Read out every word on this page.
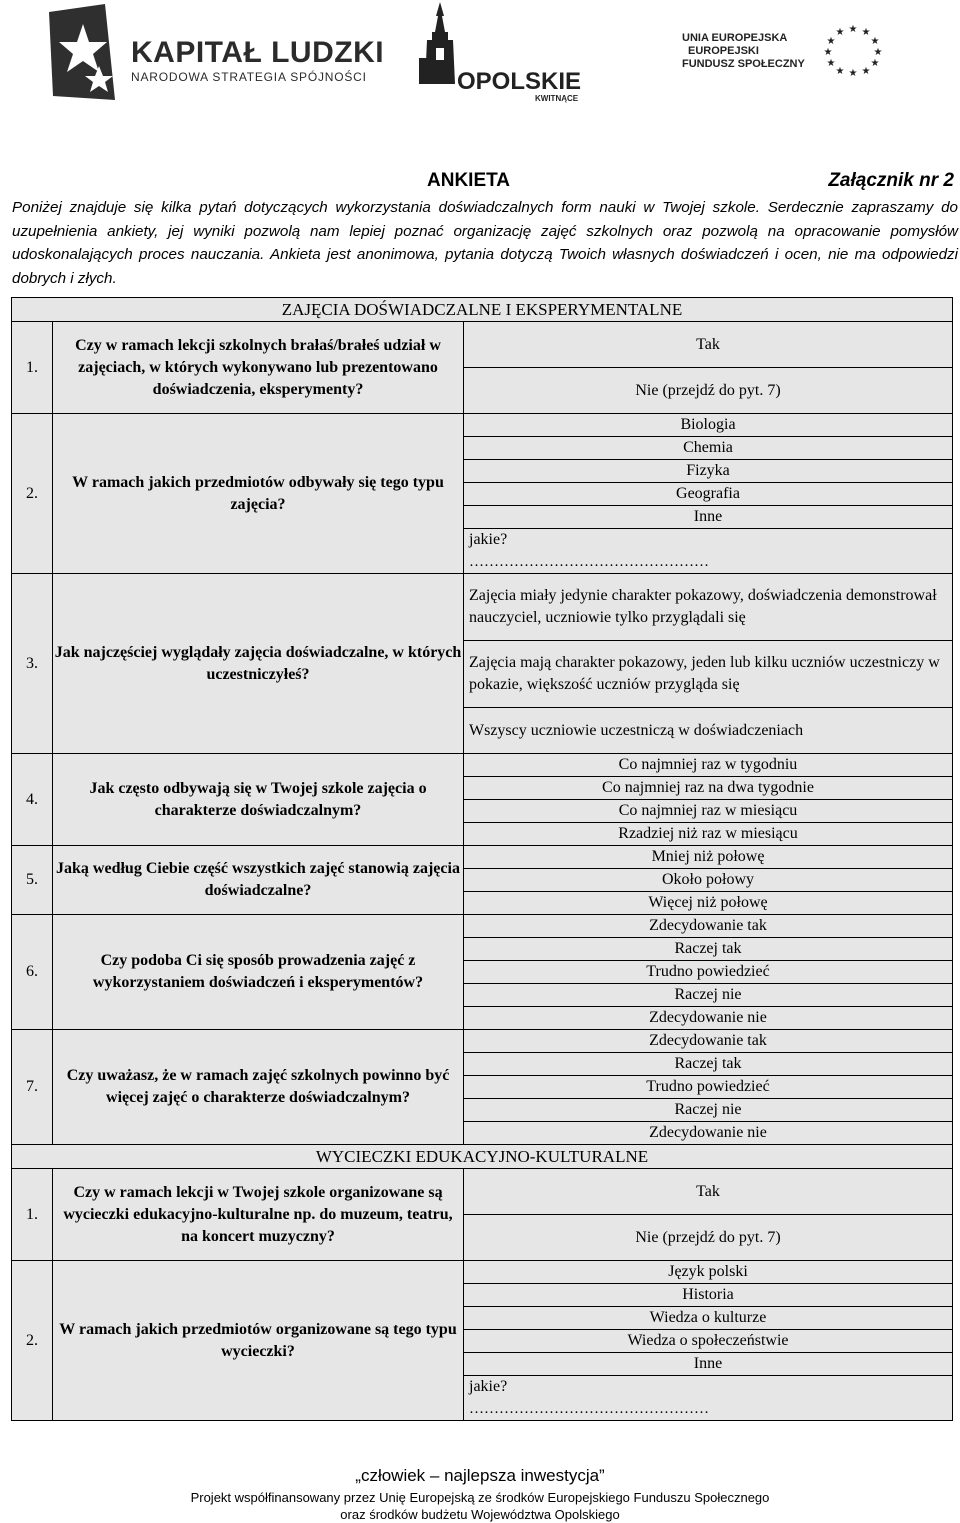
KAPITAŁ LUDZKI
NARODOWA STRATEGIA SPÓJNOŚCI	OPOLSKIE
KWITNĄCE
UNIA EUROPEJSKA
EUROPEJSKI
FUNDUSZ SPOŁECZNY
★ ★
★
★
★
★
★
★
★
★
★
★
ANKIETA	Załącznik nr 2

Poniżej znajduje się kilka pytań dotyczących wykorzystania doświadczalnych form nauki w Twojej szkole. Serdecznie zapraszamy do uzupełnienia ankiety, jej wyniki pozwolą nam lepiej poznać organizację zajęć szkolnych oraz pozwolą na opracowanie pomysłów udoskonalających proces nauczania. Ankieta jest anonimowa, pytania dotyczą Twoich własnych doświadczeń i ocen, nie ma odpowiedzi dobrych i złych.

ZAJĘCIA DOŚWIADCZALNE I EKSPERYMENTALNE		
1.	Czy w ramach lekcji szkolnych brałaś/brałeś udział w zajęciach, w których wykonywano lub prezentowano doświadczenia, eksperymenty?	Tak
		Nie (przejdź do pyt. 7)
2.	W ramach jakich przedmiotów odbywały się tego typu zajęcia?	Biologia
		Chemia
		Fizyka
		Geografia
		Inne
		jakie?
		…………………………………………
3.	Jak najczęściej wyglądały zajęcia doświadczalne, w których uczestniczyłeś?	Zajęcia miały jedynie charakter pokazowy, doświadczenia demonstrował nauczyciel, uczniowie tylko przyglądali się
		Zajęcia mają charakter pokazowy, jeden lub kilku uczniów uczestniczy w pokazie, większość uczniów przygląda się
		Wszyscy uczniowie uczestniczą w doświadczeniach
4.	Jak często odbywają się w Twojej szkole zajęcia o charakterze doświadczalnym?	Co najmniej raz w tygodniu
		Co najmniej raz na dwa tygodnie
		Co najmniej raz w miesiącu
		Rzadziej niż raz w miesiącu
5.	Jaką według Ciebie część wszystkich zajęć stanowią zajęcia doświadczalne?	Mniej niż połowę
		Około połowy
		Więcej niż połowę
6.	Czy podoba Ci się sposób prowadzenia zajęć z wykorzystaniem doświadczeń i eksperymentów?	Zdecydowanie tak
		Raczej tak
		Trudno powiedzieć
		Raczej nie
		Zdecydowanie nie
7.	Czy uważasz, że w ramach zajęć szkolnych powinno być więcej zajęć o charakterze doświadczalnym?	Zdecydowanie tak
		Raczej tak
		Trudno powiedzieć
		Raczej nie
		Zdecydowanie nie
WYCIECZKI EDUKACYJNO-KULTURALNE		
1.	Czy w ramach lekcji w Twojej szkole organizowane są wycieczki edukacyjno-kulturalne np. do muzeum, teatru, na koncert muzyczny?	Tak
		Nie (przejdź do pyt. 7)
2.	W ramach jakich przedmiotów organizowane są tego typu wycieczki?	Język polski
		Historia
		Wiedza o kulturze
		Wiedza o społeczeństwie
		Inne
		jakie?
		…………………………………………
„człowiek – najlepsza inwestycja”
Projekt współfinansowany przez Unię Europejską ze środków Europejskiego Funduszu Społecznego
oraz środków budżetu Województwa Opolskiego
